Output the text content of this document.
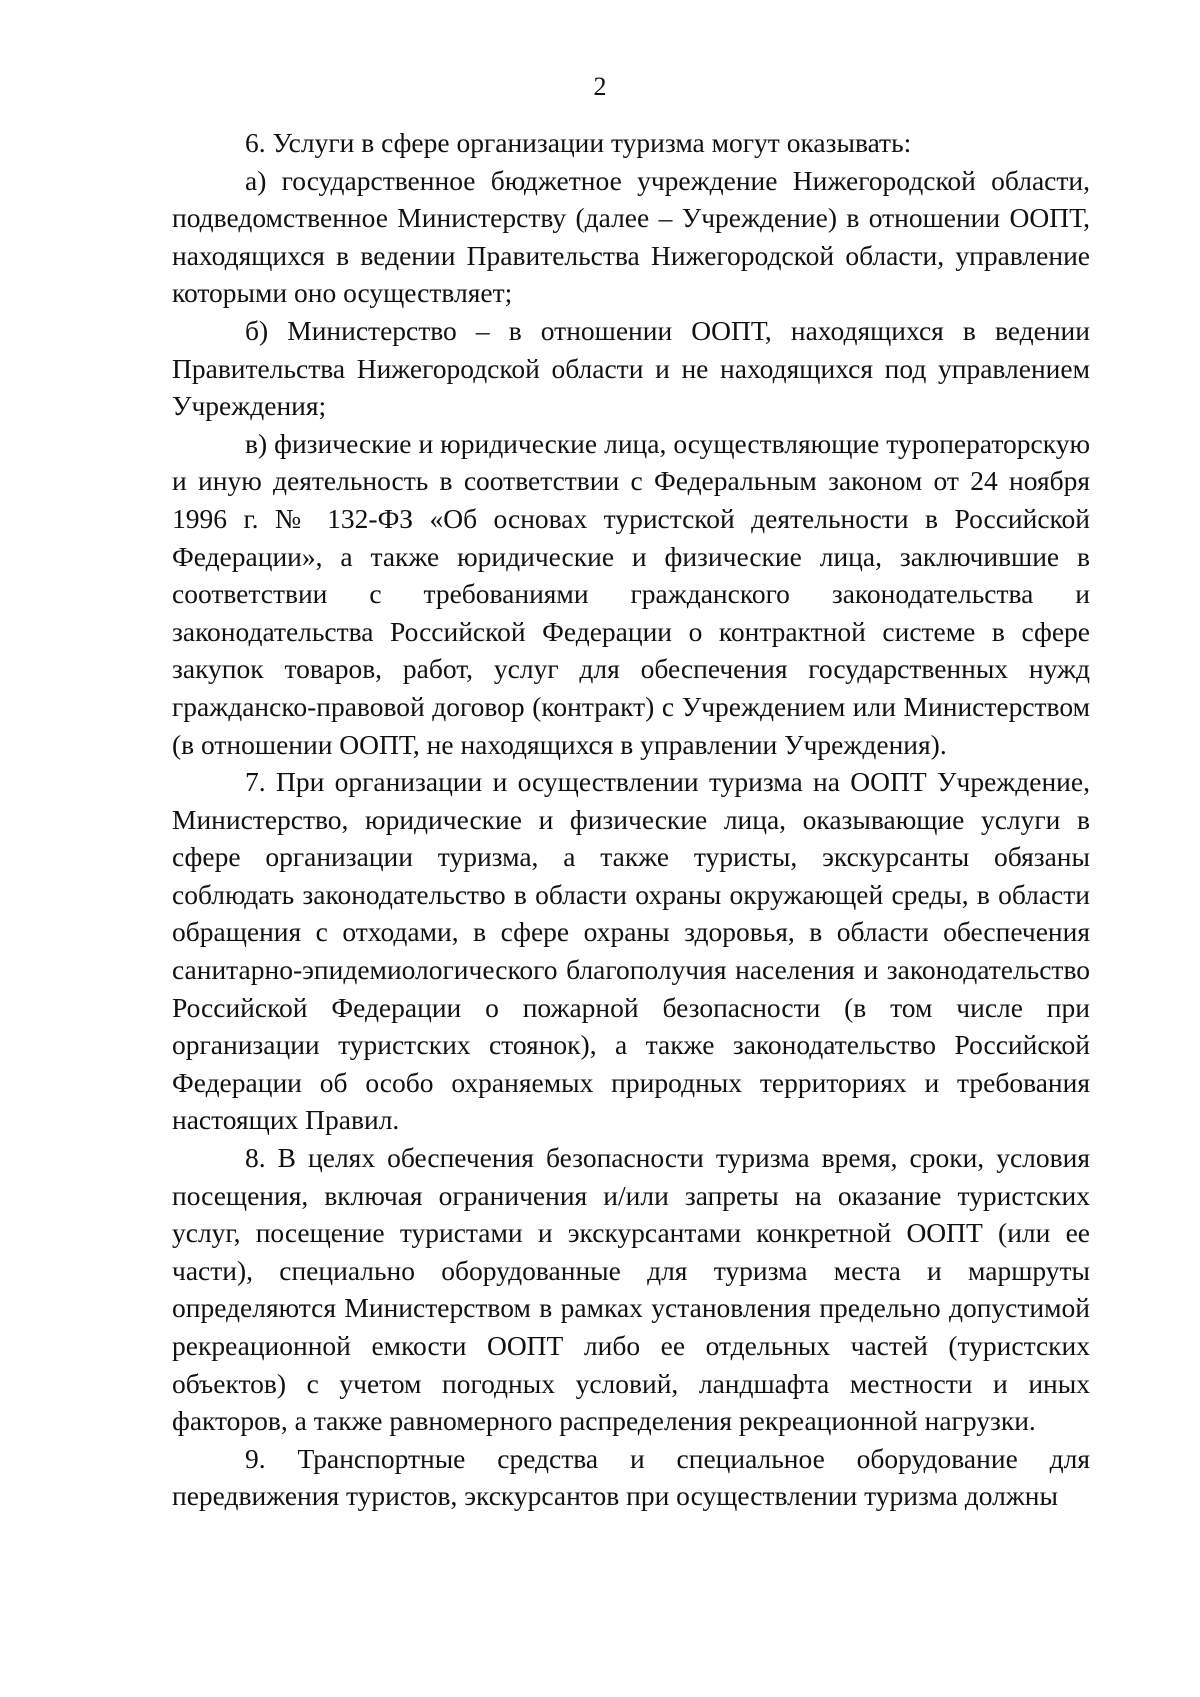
2

6. Услуги в сфере организации туризма могут оказывать:

а) государственное бюджетное учреждение Нижегородской области, подведомственное Министерству (далее – Учреждение) в отношении ООПТ, находящихся в ведении Правительства Нижегородской области, управление которыми оно осуществляет;

б) Министерство – в отношении ООПТ, находящихся в ведении Правительства Нижегородской области и не находящихся под управлением Учреждения;

в) физические и юридические лица, осуществляющие туроператорскую и иную деятельность в соответствии с Федеральным законом от 24 ноября 1996 г. № 132-ФЗ «Об основах туристской деятельности в Российской Федерации», а также юридические и физические лица, заключившие в соответствии с требованиями гражданского законодательства и законодательства Российской Федерации о контрактной системе в сфере закупок товаров, работ, услуг для обеспечения государственных нужд гражданско-правовой договор (контракт) с Учреждением или Министерством (в отношении ООПТ, не находящихся в управлении Учреждения).

7. При организации и осуществлении туризма на ООПТ Учреждение, Министерство, юридические и физические лица, оказывающие услуги в сфере организации туризма, а также туристы, экскурсанты обязаны соблюдать законодательство в области охраны окружающей среды, в области обращения с отходами, в сфере охраны здоровья, в области обеспечения санитарно-эпидемиологического благополучия населения и законодательство Российской Федерации о пожарной безопасности (в том числе при организации туристских стоянок), а также законодательство Российской Федерации об особо охраняемых природных территориях и требования настоящих Правил.

8. В целях обеспечения безопасности туризма время, сроки, условия посещения, включая ограничения и/или запреты на оказание туристских услуг, посещение туристами и экскурсантами конкретной ООПТ (или ее части), специально оборудованные для туризма места и маршруты определяются Министерством в рамках установления предельно допустимой рекреационной емкости ООПТ либо ее отдельных частей (туристских объектов) с учетом погодных условий, ландшафта местности и иных факторов, а также равномерного распределения рекреационной нагрузки.

9. Транспортные средства и специальное оборудование для передвижения туристов, экскурсантов при осуществлении туризма должны
